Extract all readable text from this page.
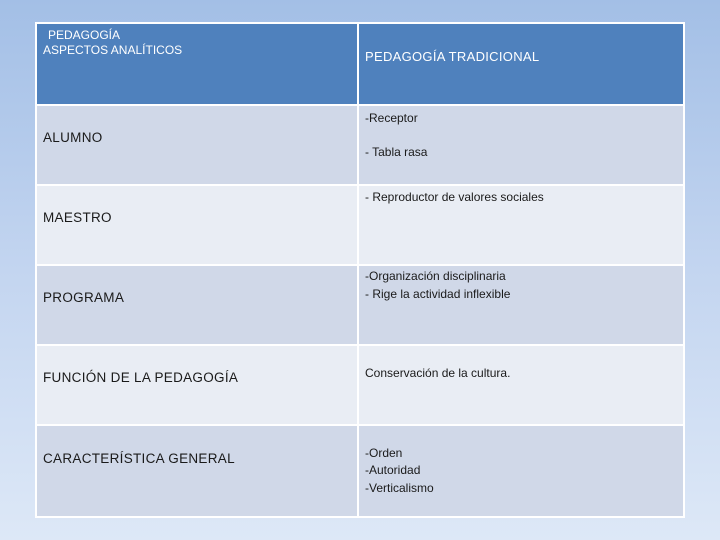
PEDAGOGÍA
ASPECTOS ANALÍTICOS	PEDAGOGÍA TRADICIONAL

ALUMNO	-Receptor
- Tabla rasa

MAESTRO	- Reproductor de valores sociales

PROGRAMA	-Organización disciplinaria
- Rige la actividad inflexible

FUNCIÓN DE LA PEDAGOGÍA	Conservación de la cultura.

CARACTERÍSTICA GENERAL	-Orden
-Autoridad
-Verticalismo
